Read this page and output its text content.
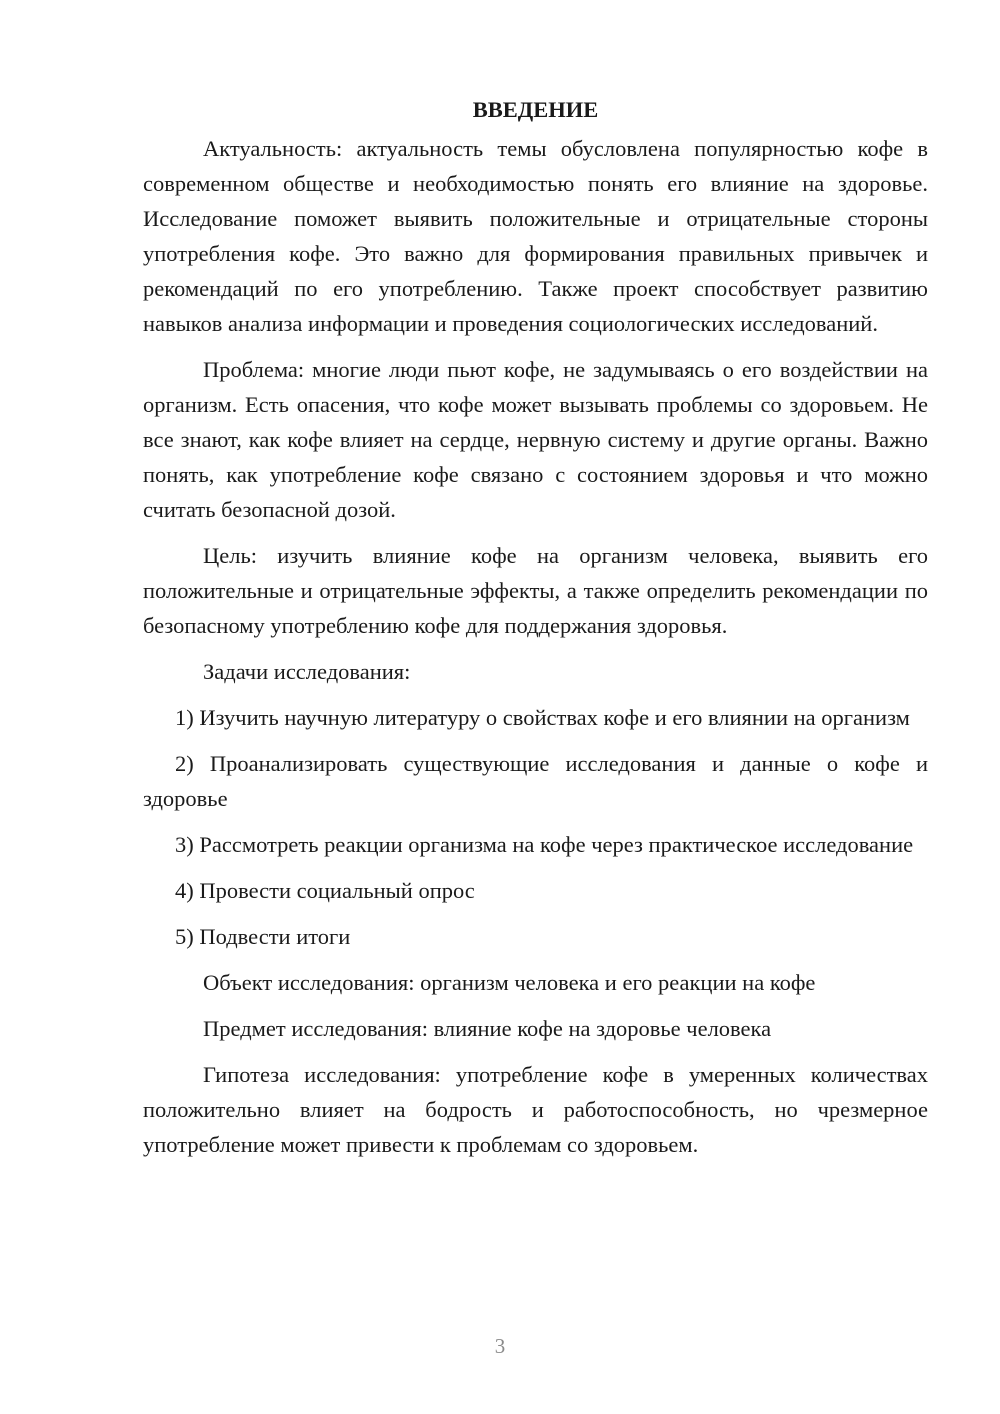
ВВЕДЕНИЕ

Актуальность: актуальность темы обусловлена популярностью кофе в современном обществе и необходимостью понять его влияние на здоровье. Исследование поможет выявить положительные и отрицательные стороны употребления кофе. Это важно для формирования правильных привычек и рекомендаций по его употреблению. Также проект способствует развитию навыков анализа информации и проведения социологических исследований.

Проблема: многие люди пьют кофе, не задумываясь о его воздействии на организм. Есть опасения, что кофе может вызывать проблемы со здоровьем. Не все знают, как кофе влияет на сердце, нервную систему и другие органы. Важно понять, как употребление кофе связано с состоянием здоровья и что можно считать безопасной дозой.

Цель: изучить влияние кофе на организм человека, выявить его положительные и отрицательные эффекты, а также определить рекомендации по безопасному употреблению кофе для поддержания здоровья.

Задачи исследования:

1) Изучить научную литературу о свойствах кофе и его влиянии на организм

2) Проанализировать существующие исследования и данные о кофе и здоровье

3) Рассмотреть реакции организма на кофе через практическое исследование

4) Провести социальный опрос

5) Подвести итоги

Объект исследования: организм человека и его реакции на кофе

Предмет исследования: влияние кофе на здоровье человека

Гипотеза исследования: употребление кофе в умеренных количествах положительно влияет на бодрость и работоспособность, но чрезмерное употребление может привести к проблемам со здоровьем.

3
